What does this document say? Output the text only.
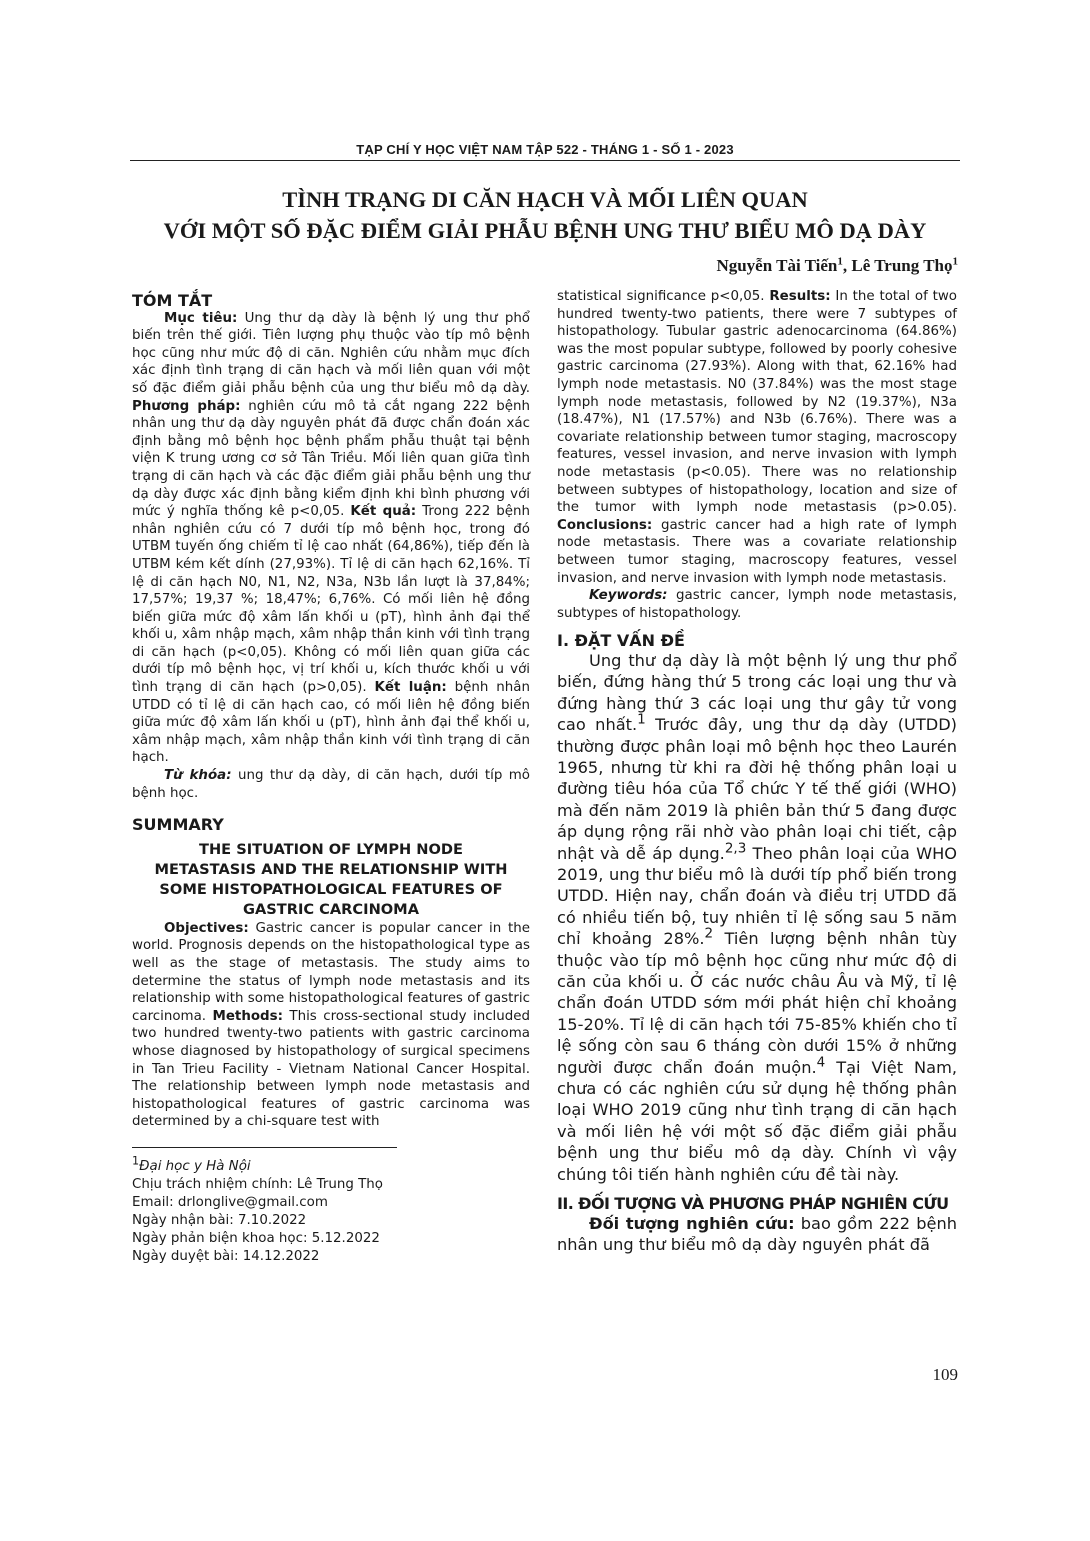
TẠP CHÍ Y HỌC VIỆT NAM TẬP 522 - THÁNG 1 - SỐ 1 - 2023
TÌNH TRẠNG DI CĂN HẠCH VÀ MỐI LIÊN QUAN
VỚI MỘT SỐ ĐẶC ĐIỂM GIẢI PHẪU BỆNH UNG THƯ BIỂU MÔ DẠ DÀY
Nguyễn Tài Tiến$^1$, Lê Trung Thọ$^1$
TÓM TẮT

Mục tiêu: Ung thư dạ dày là bệnh lý ung thư phổ biến trên thế giới. Tiên lượng phụ thuộc vào típ mô bệnh học cũng như mức độ di căn. Nghiên cứu nhằm mục đích xác định tình trạng di căn hạch và mối liên quan với một số đặc điểm giải phẫu bệnh của ung thư biểu mô dạ dày. Phương pháp: nghiên cứu mô tả cắt ngang 222 bệnh nhân ung thư dạ dày nguyên phát đã được chẩn đoán xác định bằng mô bệnh học bệnh phẩm phẫu thuật tại bệnh viện K trung ương cơ sở Tân Triều. Mối liên quan giữa tình trạng di căn hạch và các đặc điểm giải phẫu bệnh ung thư dạ dày được xác định bằng kiểm định khi bình phương với mức ý nghĩa thống kê p<0,05. Kết quả: Trong 222 bệnh nhân nghiên cứu có 7 dưới típ mô bệnh học, trong đó UTBM tuyến ống chiếm tỉ lệ cao nhất (64,86%), tiếp đến là UTBM kém kết dính (27,93%). Tỉ lệ di căn hạch 62,16%. Tỉ lệ di căn hạch N0, N1, N2, N3a, N3b lần lượt là 37,84%; 17,57%; 19,37 %; 18,47%; 6,76%. Có mối liên hệ đồng biến giữa mức độ xâm lấn khối u (pT), hình ảnh đại thể khối u, xâm nhập mạch, xâm nhập thần kinh với tình trạng di căn hạch (p<0,05). Không có mối liên quan giữa các dưới típ mô bệnh học, vị trí khối u, kích thước khối u với tình trạng di căn hạch (p>0,05). Kết luận: bệnh nhân UTDD có tỉ lệ di căn hạch cao, có mối liên hệ đồng biến giữa mức độ xâm lấn khối u (pT), hình ảnh đại thể khối u, xâm nhập mạch, xâm nhập thần kinh với tình trạng di căn hạch.

Từ khóa: ung thư dạ dày, di căn hạch, dưới típ mô bệnh học.

SUMMARY
THE SITUATION OF LYMPH NODE METASTASIS AND THE RELATIONSHIP WITH SOME HISTOPATHOLOGICAL FEATURES OF GASTRIC CARCINOMA

Objectives: Gastric cancer is popular cancer in the world. Prognosis depends on the histopathological type as well as the stage of metastasis. The study aims to determine the status of lymph node metastasis and its relationship with some histopathological features of gastric carcinoma. Methods: This cross-sectional study included two hundred twenty-two patients with gastric carcinoma whose diagnosed by histopathology of surgical specimens in Tan Trieu Facility - Vietnam National Cancer Hospital. The relationship between lymph node metastasis and histopathological features of gastric carcinoma was determined by a chi-square test with

$^1$Đại học y Hà Nội
Chịu trách nhiệm chính: Lê Trung Thọ
Email: drlonglive@gmail.com
Ngày nhận bài: 7.10.2022
Ngày phản biện khoa học: 5.12.2022
Ngày duyệt bài: 14.12.2022

statistical significance p<0,05. Results: In the total of two hundred twenty-two patients, there were 7 subtypes of histopathology. Tubular gastric adenocarcinoma (64.86%) was the most popular subtype, followed by poorly cohesive gastric carcinoma (27.93%). Along with that, 62.16% had lymph node metastasis. N0 (37.84%) was the most stage lymph node metastasis, followed by N2 (19.37%), N3a (18.47%), N1 (17.57%) and N3b (6.76%). There was a covariate relationship between tumor staging, macroscopy features, vessel invasion, and nerve invasion with lymph node metastasis (p<0.05). There was no relationship between subtypes of histopathology, location and size of the tumor with lymph node metastasis (p>0.05). Conclusions: gastric cancer had a high rate of lymph node metastasis. There was a covariate relationship between tumor staging, macroscopy features, vessel invasion, and nerve invasion with lymph node metastasis.

Keywords: gastric cancer, lymph node metastasis, subtypes of histopathology.

I. ĐẶT VẤN ĐỀ

Ung thư dạ dày là một bệnh lý ung thư phổ biến, đứng hàng thứ 5 trong các loại ung thư và đứng hàng thứ 3 các loại ung thư gây tử vong cao nhất.$^1$ Trước đây, ung thư dạ dày (UTDD) thường được phân loại mô bệnh học theo Laurén 1965, nhưng từ khi ra đời hệ thống phân loại u đường tiêu hóa của Tổ chức Y tế thế giới (WHO) mà đến năm 2019 là phiên bản thứ 5 đang được áp dụng rộng rãi nhờ vào phân loại chi tiết, cập nhật và dễ áp dụng.$^{2,3}$ Theo phân loại của WHO 2019, ung thư biểu mô là dưới típ phổ biến trong UTDD. Hiện nay, chẩn đoán và điều trị UTDD đã có nhiều tiến bộ, tuy nhiên tỉ lệ sống sau 5 năm chỉ khoảng 28%.$^2$ Tiên lượng bệnh nhân tùy thuộc vào típ mô bệnh học cũng như mức độ di căn của khối u. Ở các nước châu Âu và Mỹ, tỉ lệ chẩn đoán UTDD sớm mới phát hiện chỉ khoảng 15-20%. Tỉ lệ di căn hạch tới 75-85% khiến cho tỉ lệ sống còn sau 6 tháng còn dưới 15% ở những người được chẩn đoán muộn.$^4$ Tại Việt Nam, chưa có các nghiên cứu sử dụng hệ thống phân loại WHO 2019 cũng như tình trạng di căn hạch và mối liên hệ với một số đặc điểm giải phẫu bệnh ung thư biểu mô dạ dày. Chính vì vậy chúng tôi tiến hành nghiên cứu đề tài này.

II. ĐỐI TƯỢNG VÀ PHƯƠNG PHÁP NGHIÊN CỨU

Đối tượng nghiên cứu: bao gồm 222 bệnh nhân ung thư biểu mô dạ dày nguyên phát đã

109
